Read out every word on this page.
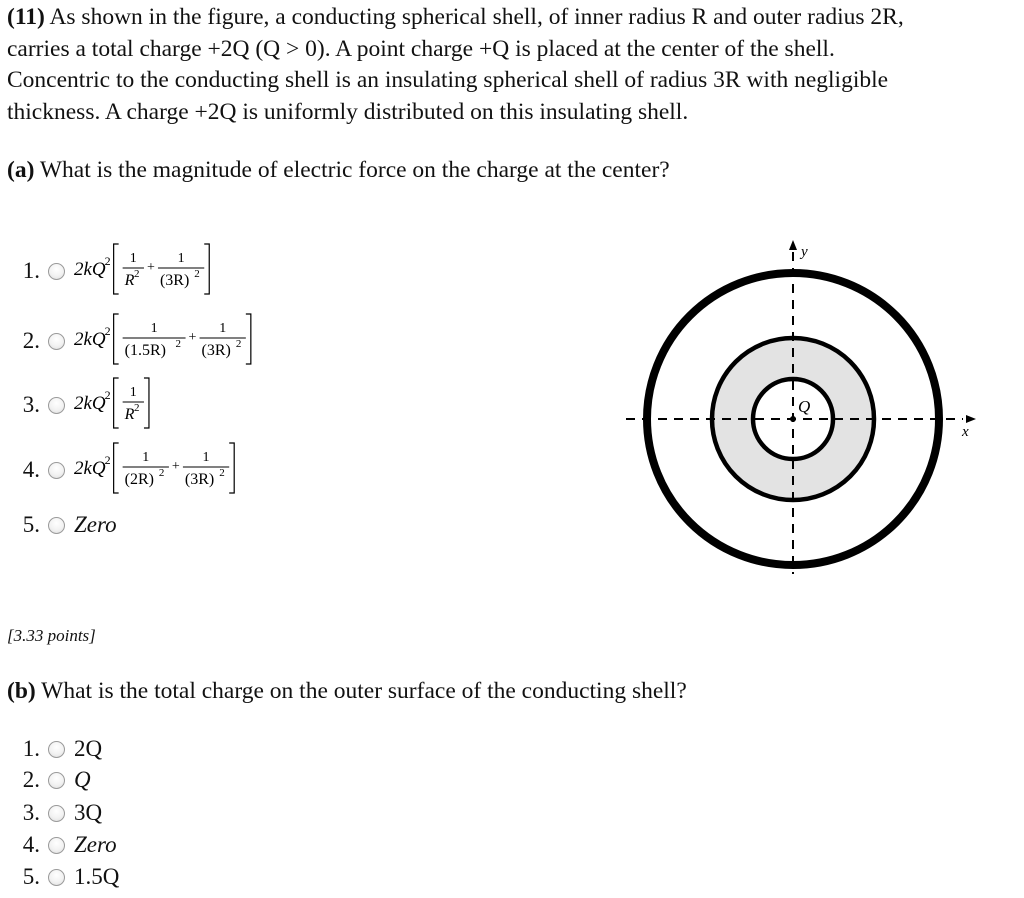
(11) As shown in the figure, a conducting spherical shell, of inner radius R and outer radius 2R,
carries a total charge +2Q (Q > 0). A point charge +Q is placed at the center of the shell.
Concentric to the conducting shell is an insulating spherical shell of radius 3R with negligible
thickness. A charge +2Q is uniformly distributed on this insulating shell.

(a) What is the magnitude of electric force on the charge at the center?

1. 2kQ
2 1
R 2 +
1
(3R) 2
2. 2kQ
2	1
(1.5R) 2 +
1
(3R) 2
3. 2kQ
2 1
R 2
4. 2kQ
2 1
(2R) 2 +
1
(3R) 2
5. Zero
Q
y
x

[3.33 points]

(b) What is the total charge on the outer surface of the conducting shell?

1. 2Q
2. Q
3. 3Q
4. Zero
5. 1.5Q
